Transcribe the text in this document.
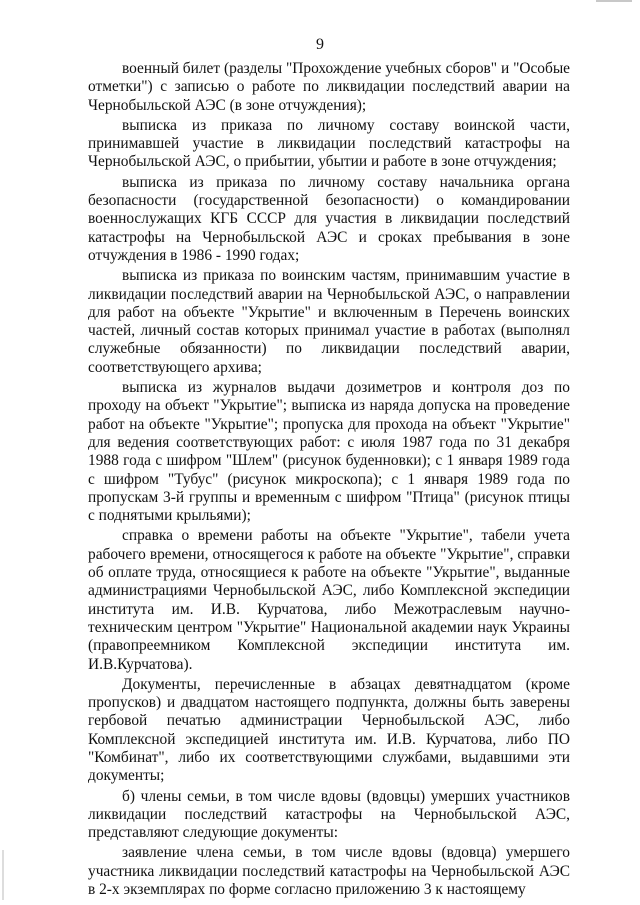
9

военный билет (разделы "Прохождение учебных сборов" и "Особые отметки") с записью о работе по ликвидации последствий аварии на Чернобыльской АЭС (в зоне отчуждения);

выписка из приказа по личному составу воинской части, принимавшей участие в ликвидации последствий катастрофы на Чернобыльской АЭС, о прибытии, убытии и работе в зоне отчуждения;

выписка из приказа по личному составу начальника органа безопасности (государственной безопасности) о командировании военнослужащих КГБ СССР для участия в ликвидации последствий катастрофы на Чернобыльской АЭС и сроках пребывания в зоне отчуждения в 1986 - 1990 годах;

выписка из приказа по воинским частям, принимавшим участие в ликвидации последствий аварии на Чернобыльской АЭС, о направлении для работ на объекте "Укрытие" и включенным в Перечень воинских частей, личный состав которых принимал участие в работах (выполнял служебные обязанности) по ликвидации последствий аварии, соответствующего архива;

выписка из журналов выдачи дозиметров и контроля доз по проходу на объект "Укрытие"; выписка из наряда допуска на проведение работ на объекте "Укрытие"; пропуска для прохода на объект "Укрытие" для ведения соответствующих работ: с июля 1987 года по 31 декабря 1988 года с шифром "Шлем" (рисунок буденновки); с 1 января 1989 года с шифром "Тубус" (рисунок микроскопа); с 1 января 1989 года по пропускам 3-й группы и временным с шифром "Птица" (рисунок птицы с поднятыми крыльями);

справка о времени работы на объекте "Укрытие", табели учета рабочего времени, относящегося к работе на объекте "Укрытие", справки об оплате труда, относящиеся к работе на объекте "Укрытие", выданные администрациями Чернобыльской АЭС, либо Комплексной экспедиции института им. И.В. Курчатова, либо Межотраслевым научно-техническим центром "Укрытие" Национальной академии наук Украины (правопреемником Комплексной экспедиции института им. И.В.Курчатова).

Документы, перечисленные в абзацах девятнадцатом (кроме пропусков) и двадцатом настоящего подпункта, должны быть заверены гербовой печатью администрации Чернобыльской АЭС, либо Комплексной экспедицией института им. И.В. Курчатова, либо ПО "Комбинат", либо их соответствующими службами, выдавшими эти документы;

б) члены семьи, в том числе вдовы (вдовцы) умерших участников ликвидации последствий катастрофы на Чернобыльской АЭС, представляют следующие документы:

заявление члена семьи, в том числе вдовы (вдовца) умершего участника ликвидации последствий катастрофы на Чернобыльской АЭС в 2-х экземплярах по форме согласно приложению 3 к настоящему
